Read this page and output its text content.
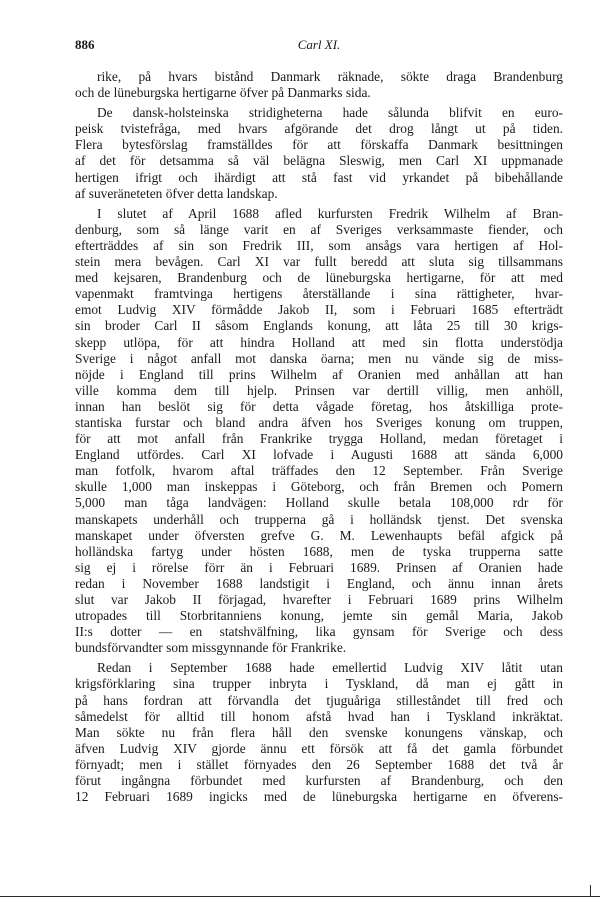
886	Carl XI.
rike, på hvars bistånd Danmark räknade, sökte draga Brandenburg
och de lüneburgska hertigarne öfver på Danmarks sida.
De dansk-holsteinska stridigheterna hade sålunda blifvit en euro-
peisk tvistefråga, med hvars afgörande det drog långt ut på tiden.
Flera bytesförslag framställdes för att förskaffa Danmark besittningen
af det för detsamma så väl belägna Sleswig, men Carl XI uppmanade
hertigen ifrigt och ihärdigt att stå fast vid yrkandet på bibehållande
af suveräneteten öfver detta landskap.
I slutet af April 1688 afled kurfursten Fredrik Wilhelm af Bran-
denburg, som så länge varit en af Sveriges verksammaste fiender, och
efterträddes af sin son Fredrik III, som ansågs vara hertigen af Hol-
stein mera bevågen. Carl XI var fullt beredd att sluta sig tillsammans
med kejsaren, Brandenburg och de lüneburgska hertigarne, för att med
vapenmakt framtvinga hertigens återställande i sina rättigheter, hvar-
emot Ludvig XIV förmådde Jakob II, som i Februari 1685 efterträdt
sin broder Carl II såsom Englands konung, att låta 25 till 30 krigs-
skepp utlöpa, för att hindra Holland att med sin flotta understödja
Sverige i något anfall mot danska öarna; men nu vände sig de miss-
nöjde i England till prins Wilhelm af Oranien med anhållan att han
ville komma dem till hjelp. Prinsen var dertill villig, men anhöll,
innan han beslöt sig för detta vågade företag, hos åtskilliga prote-
stantiska furstar och bland andra äfven hos Sveriges konung om truppen,
för att mot anfall från Frankrike trygga Holland, medan företaget i
England utfördes. Carl XI lofvade i Augusti 1688 att sända 6,000
man fotfolk, hvarom aftal träffades den 12 September. Från Sverige
skulle 1,000 man inskeppas i Göteborg, och från Bremen och Pomern
5,000 man tåga landvägen: Holland skulle betala 108,000 rdr för
manskapets underhåll och trupperna gå i holländsk tjenst. Det svenska
manskapet under öfversten grefve G. M. Lewenhaupts befäl afgick på
holländska fartyg under hösten 1688, men de tyska trupperna satte
sig ej i rörelse förr än i Februari 1689. Prinsen af Oranien hade
redan i November 1688 landstigit i England, och ännu innan årets
slut var Jakob II förjagad, hvarefter i Februari 1689 prins Wilhelm
utropades till Storbritanniens konung, jemte sin gemål Maria, Jakob
II:s dotter — en statshvälfning, lika gynsam för Sverige och dess
bundsförvandter som missgynnande för Frankrike.
Redan i September 1688 hade emellertid Ludvig XIV låtit utan
krigsförklaring sina trupper inbryta i Tyskland, då man ej gått in
på hans fordran att förvandla det tjuguåriga stilleståndet till fred och
såmedelst för alltid till honom afstå hvad han i Tyskland inkräktat.
Man sökte nu från flera håll den svenske konungens vänskap, och
äfven Ludvig XIV gjorde ännu ett försök att få det gamla förbundet
förnyadt; men i stället förnyades den 26 September 1688 det två år
förut ingångna förbundet med kurfursten af Brandenburg, och den
12 Februari 1689 ingicks med de lüneburgska hertigarne en öfverens-
